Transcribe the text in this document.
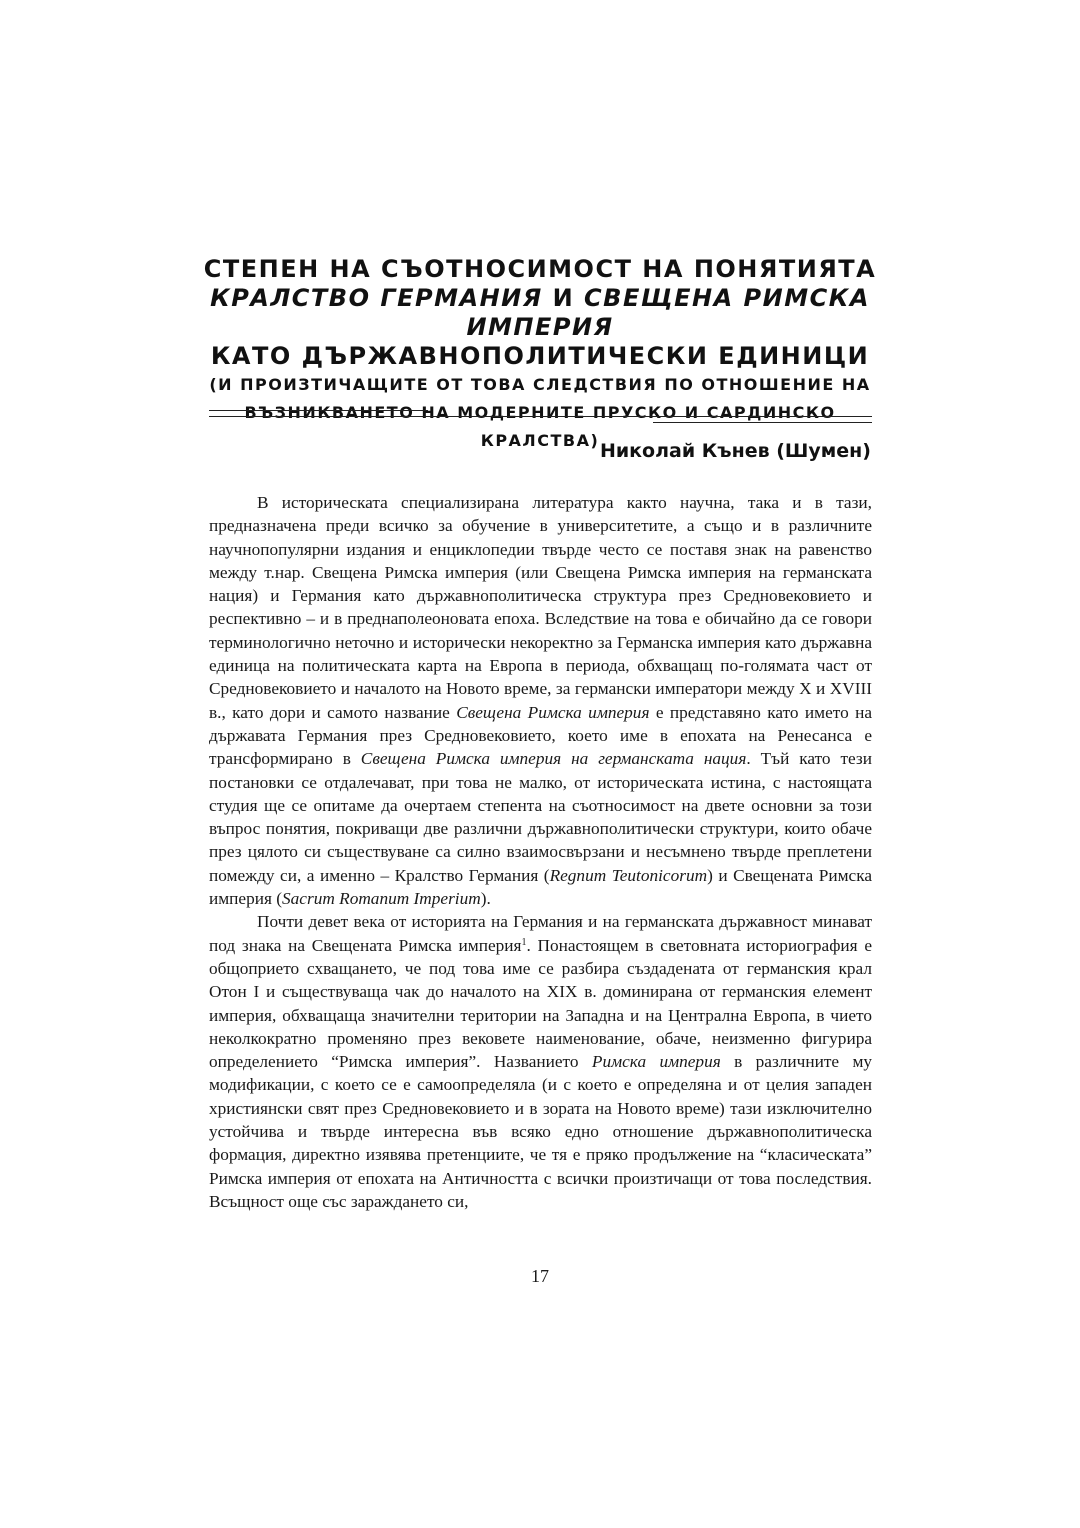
СТЕПЕН НА СЪОТНОСИМОСТ НА ПОНЯТИЯТА
КРАЛСТВО ГЕРМАНИЯ И СВЕЩЕНА РИМСКА ИМПЕРИЯ
КАТО ДЪРЖАВНОПОЛИТИЧЕСКИ ЕДИНИЦИ
(И ПРОИЗТИЧАЩИТЕ ОТ ТОВА СЛЕДСТВИЯ ПО ОТНОШЕНИЕ НА
ВЪЗНИКВАНЕТО НА МОДЕРНИТЕ ПРУСКО И САРДИНСКО КРАЛСТВА) Николай Кънев (Шумен)

В историческата специализирана литература както научна, така и в тази, предназначена преди всичко за обучение в университетите, а също и в различните научнопопулярни издания и енциклопедии твърде често се поставя знак на равенство между т.нар. Свещена Римска империя (или Свещена Римска империя на германската нация) и Германия като държавнополитическа структура през Средновековието и респективно – и в преднаполеоновата епоха. Вследствие на това е обичайно да се говори терминологично неточно и исторически некоректно за Германска империя като държавна единица на политическата карта на Европа в периода, обхващащ по-голямата част от Средновековието и началото на Новото време, за германски императори между X и XVIII в., като дори и самото название Свещена Римска империя е представяно като името на държавата Германия през Средновековието, което име в епохата на Ренесанса е трансформирано в Свещена Римска империя на германската нация. Тъй като тези постановки се отдалечават, при това не малко, от историческата истина, с настоящата студия ще се опитаме да очертаем степента на съотносимост на двете основни за този въпрос понятия, покриващи две различни държавнополитически структури, които обаче през цялото си съществуване са силно взаимосвързани и несъмнено твърде преплетени помежду си, а именно – Кралство Германия (Regnum Teutonicorum) и Свещената Римска империя (Sacrum Romanum Imperium).

Почти девет века от историята на Германия и на германската държавност минават под знака на Свещената Римска империя$^1$. Понастоящем в световната историография е общоприето схващането, че под това име се разбира създадената от германския крал Отон I и съществуваща чак до началото на XIX в. доминирана от германския елемент империя, обхващаща значителни територии на Западна и на Централна Европа, в чието неколкократно променяно през вековете наименование, обаче, неизменно фигурира определението “Римска империя”. Названието Римска империя в различните му модификации, с което се е самоопределяла (и с което е определяна и от целия западен християнски свят през Средновековието и в зората на Новото време) тази изключително устойчива и твърде интересна във всяко едно отношение държавнополитическа формация, директно изявява претенциите, че тя е пряко продължение на “класическата” Римска империя от епохата на Античността с всички произтичащи от това последствия. Всъщност още със зараждането си,

17
